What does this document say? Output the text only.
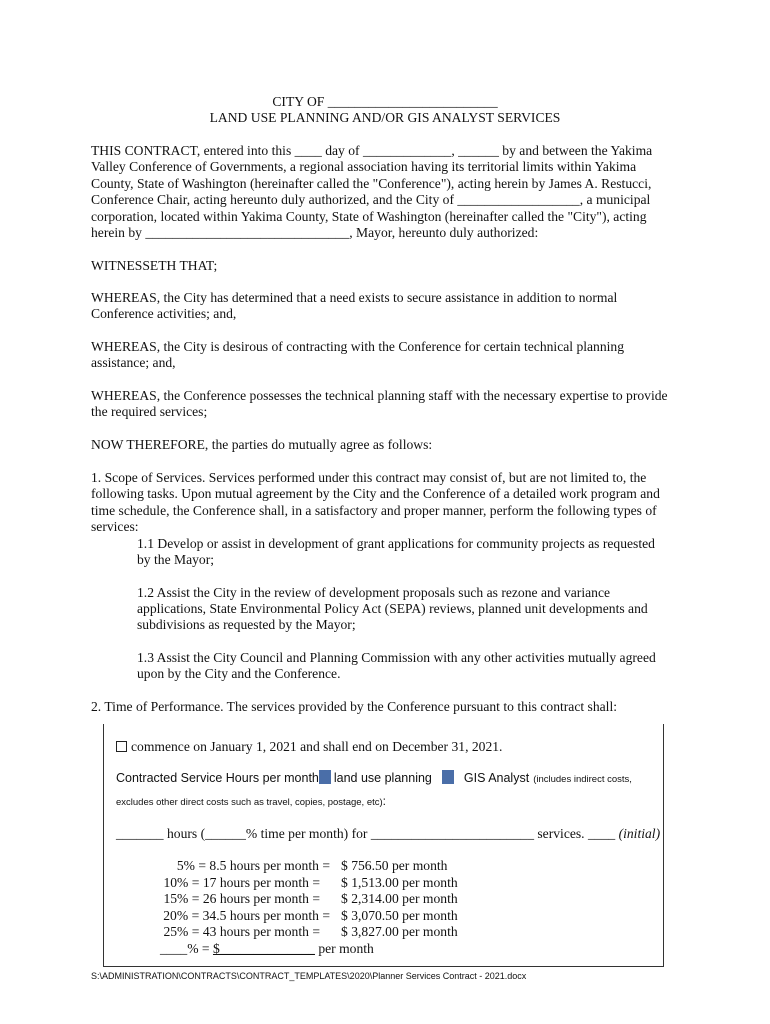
CITY OF _________________________
LAND USE PLANNING AND/OR GIS ANALYST SERVICES
THIS CONTRACT, entered into this ____ day of _____________, ______ by and between the Yakima
Valley Conference of Governments, a regional association having its territorial limits within Yakima
County, State of Washington (hereinafter called the "Conference"), acting herein by James A. Restucci,
Conference Chair, acting hereunto duly authorized, and the City of __________________, a municipal
corporation, located within Yakima County, State of Washington (hereinafter called the "City"), acting
herein by ______________________________, Mayor, hereunto duly authorized:
WITNESSETH THAT;
WHEREAS, the City has determined that a need exists to secure assistance in addition to normal
Conference activities; and,
WHEREAS, the City is desirous of contracting with the Conference for certain technical planning
assistance; and,
WHEREAS, the Conference possesses the technical planning staff with the necessary expertise to provide
the required services;
NOW THEREFORE, the parties do mutually agree as follows:
1. Scope of Services. Services performed under this contract may consist of, but are not limited to, the
following tasks. Upon mutual agreement by the City and the Conference of a detailed work program and
time schedule, the Conference shall, in a satisfactory and proper manner, perform the following types of
services:
1.1 Develop or assist in development of grant applications for community projects as requested
by the Mayor;
1.2 Assist the City in the review of development proposals such as rezone and variance
applications, State Environmental Policy Act (SEPA) reviews, planned unit developments and
subdivisions as requested by the Mayor;
1.3 Assist the City Council and Planning Commission with any other activities mutually agreed
upon by the City and the Conference.
2. Time of Performance. The services provided by the Conference pursuant to this contract shall:
commence on January 1, 2021 and shall end on December 31, 2021.
Contracted Service Hours per month land use planning	GIS Analyst (includes indirect costs,
excludes other direct costs such as travel, copies, postage, etc):
_______ hours (______% time per month) for ________________________ services. ____ (initial)
5% = 8.5 hours per month = $ 756.50 per month
10% = 17 hours per month = $ 1,513.00 per month
15% = 26 hours per month = $ 2,314.00 per month
20% = 34.5 hours per month = $ 3,070.50 per month
25% = 43 hours per month = $ 3,827.00 per month
____% = $______________ per month
S:\ADMINISTRATION\CONTRACTS\CONTRACT_TEMPLATES\2020\Planner Services Contract - 2021.docx
